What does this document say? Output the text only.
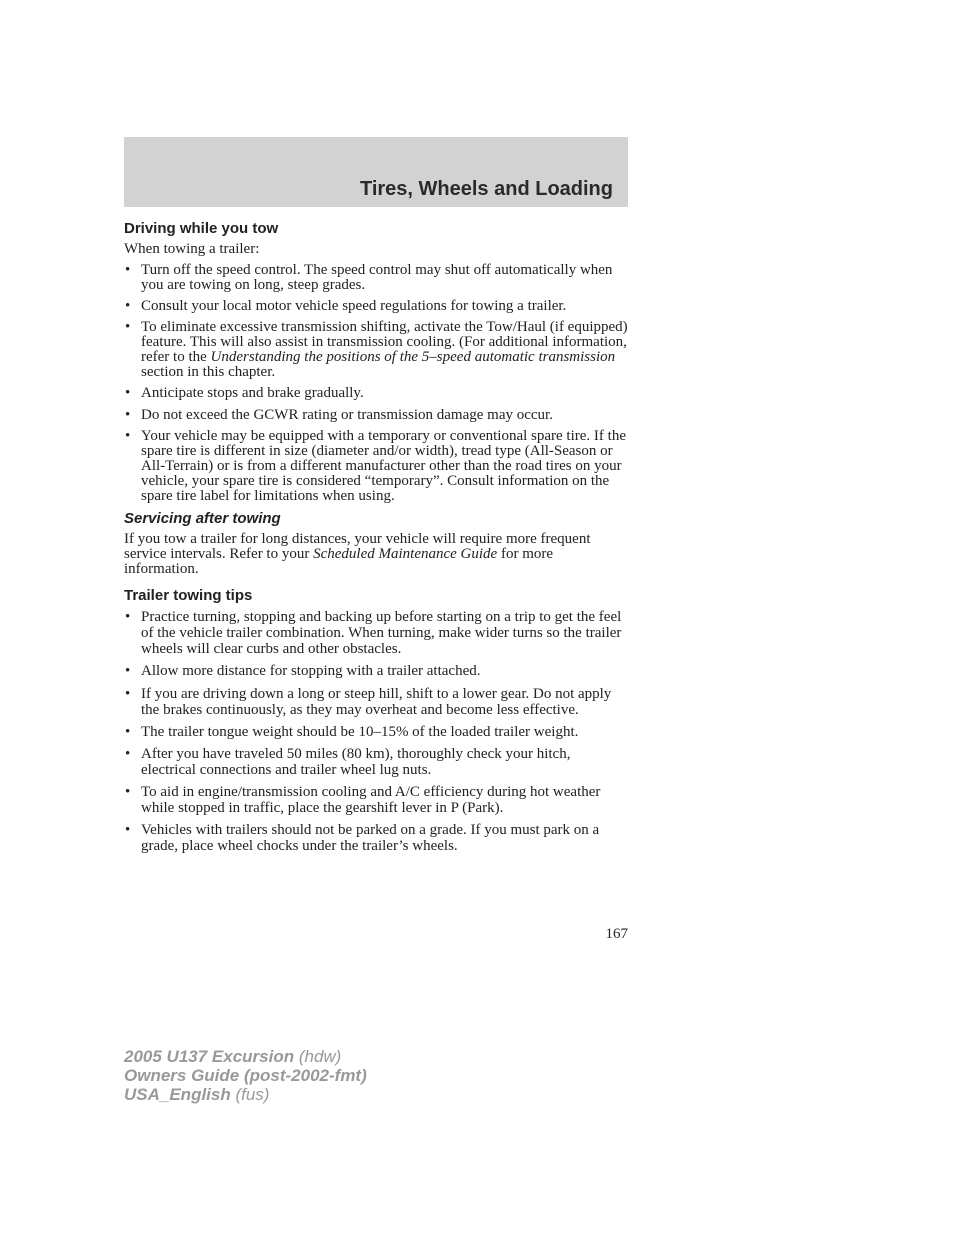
Tires, Wheels and Loading
Driving while you tow

When towing a trailer:

• Turn off the speed control. The speed control may shut off automatically when you are towing on long, steep grades.
• Consult your local motor vehicle speed regulations for towing a trailer.
• To eliminate excessive transmission shifting, activate the Tow/Haul (if equipped) feature. This will also assist in transmission cooling. (For additional information, refer to the Understanding the positions of the 5–speed automatic transmission section in this chapter.
• Anticipate stops and brake gradually.
• Do not exceed the GCWR rating or transmission damage may occur.
• Your vehicle may be equipped with a temporary or conventional spare tire. If the spare tire is different in size (diameter and/or width), tread type (All-Season or All-Terrain) or is from a different manufacturer other than the road tires on your vehicle, your spare tire is considered “temporary”. Consult information on the spare tire label for limitations when using.
Servicing after towing

If you tow a trailer for long distances, your vehicle will require more frequent service intervals. Refer to your Scheduled Maintenance Guide for more information.

Trailer towing tips
• Practice turning, stopping and backing up before starting on a trip to get the feel of the vehicle trailer combination. When turning, make wider turns so the trailer wheels will clear curbs and other obstacles.
• Allow more distance for stopping with a trailer attached.
• If you are driving down a long or steep hill, shift to a lower gear. Do not apply the brakes continuously, as they may overheat and become less effective.
• The trailer tongue weight should be 10–15% of the loaded trailer weight.
• After you have traveled 50 miles (80 km), thoroughly check your hitch, electrical connections and trailer wheel lug nuts.
• To aid in engine/transmission cooling and A/C efficiency during hot weather while stopped in traffic, place the gearshift lever in P (Park).
• Vehicles with trailers should not be parked on a grade. If you must park on a grade, place wheel chocks under the trailer’s wheels.

167

2005 U137 Excursion (hdw)
Owners Guide (post-2002-fmt)
USA_English (fus)
